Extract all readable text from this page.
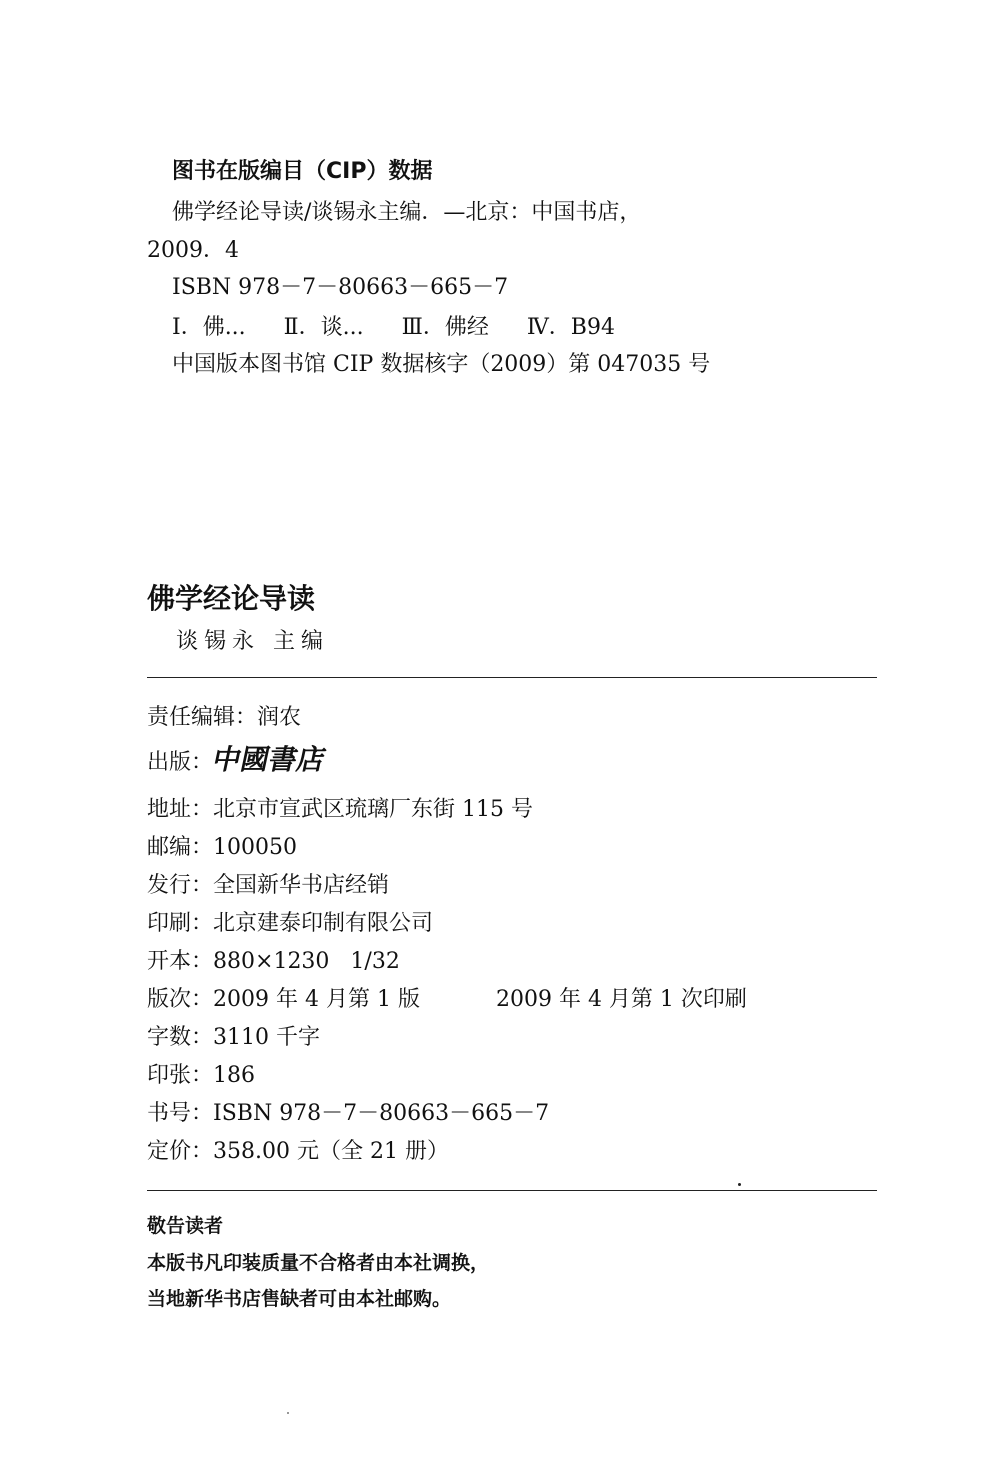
图书在版编目（CIP）数据
佛学经论导读/谈锡永主编．—北京：中国书店，
2009．4
ISBN 978－7－80663－665－7
Ⅰ．佛... Ⅱ．谈... Ⅲ．佛经 Ⅳ．B94
中国版本图书馆 CIP 数据核字（2009）第 047035 号
佛学经论导读
谈锡永 主编
责任编辑：润农
出版：中國書店
地址：北京市宣武区琉璃厂东街 115 号
邮编：100050
发行：全国新华书店经销
印刷：北京建泰印制有限公司
开本：880×1230   1/32
版次：2009 年 4 月第 1 版	2009 年 4 月第 1 次印刷
字数：3110 千字
印张：186
书号：ISBN 978－7－80663－665－7
定价：358.00 元（全 21 册）
敬告读者
本版书凡印装质量不合格者由本社调换，
当地新华书店售缺者可由本社邮购。
